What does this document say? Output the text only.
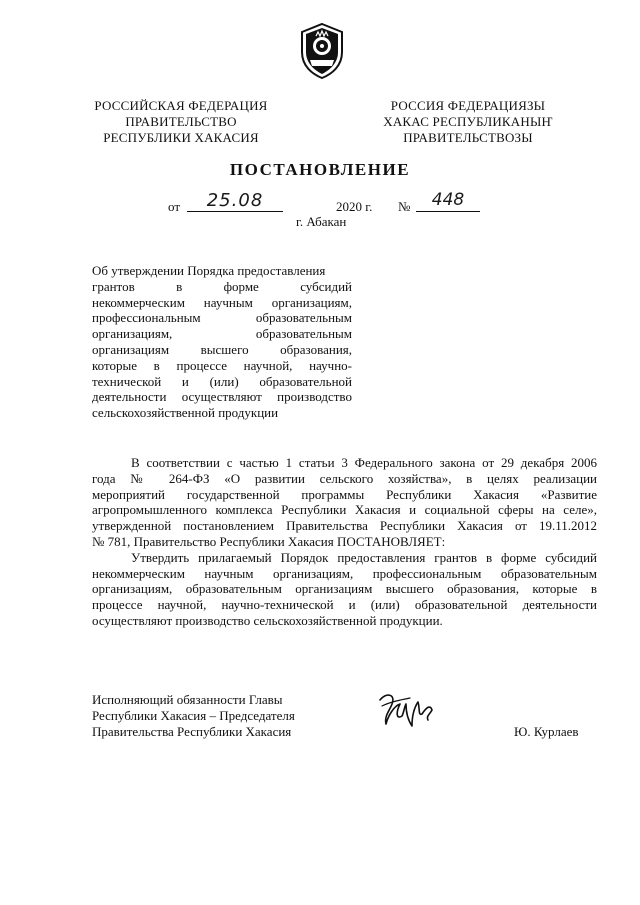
РОССИЙСКАЯ ФЕДЕРАЦИЯ
ПРАВИТЕЛЬСТВО
РЕСПУБЛИКИ ХАКАСИЯ
РОССИЯ ФЕДЕРАЦИЯЗЫ
ХАКАС РЕСПУБЛИКАНЫҤ
ПРАВИТЕЛЬСТВОЗЫ
ПОСТАНОВЛЕНИЕ
от	25.08	2020 г. №	448
г. Абакан
Об утверждении Порядка предоставления
грантов в форме субсидий
некоммерческим научным организациям,
профессиональным образовательным
организациям, образовательным
организациям высшего образования,
которые в процессе научной, научно-
технической и (или) образовательной
деятельности осуществляют производство
сельскохозяйственной продукции
В соответствии с частью 1 статьи 3 Федерального закона от 29 декабря 2006
года № 264-ФЗ «О развитии сельского хозяйства», в целях реализации
мероприятий государственной программы Республики Хакасия «Развитие
агропромышленного комплекса Республики Хакасия и социальной сферы на селе»,
утвержденной постановлением Правительства Республики Хакасия от 19.11.2012
№ 781, Правительство Республики Хакасия ПОСТАНОВЛЯЕТ:
Утвердить прилагаемый Порядок предоставления грантов в форме субсидий
некоммерческим научным организациям, профессиональным образовательным
организациям, образовательным организациям высшего образования, которые в
процессе научной, научно-технической и (или) образовательной деятельности
осуществляют производство сельскохозяйственной продукции.
Исполняющий обязанности Главы
Республики Хакасия – Председателя
Правительства Республики Хакасия	Ю. Курлаев
